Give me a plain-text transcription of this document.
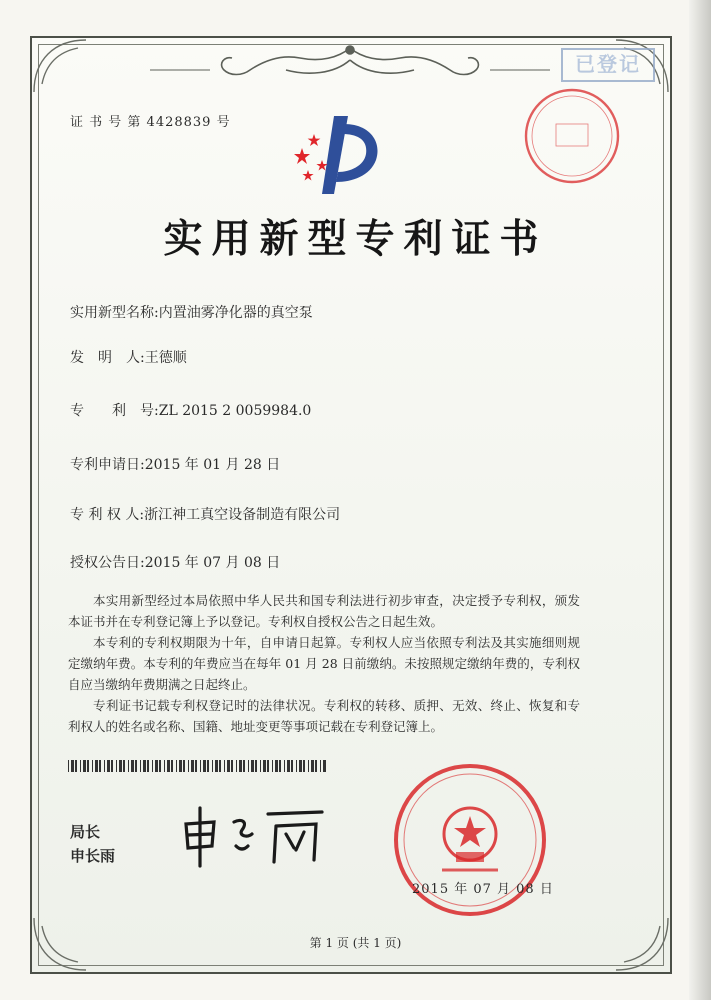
已登记
证 书 号 第 4428839 号
实用新型专利证书
实用新型名称:内置油雾净化器的真空泵
发　明　人:王德顺
专　　利　号:ZL 2015 2 0059984.0
专利申请日:2015 年 01 月 28 日
专 利 权 人:浙江神工真空设备制造有限公司
授权公告日:2015 年 07 月 08 日

本实用新型经过本局依照中华人民共和国专利法进行初步审查，决定授予专利权，颁发本证书并在专利登记簿上予以登记。专利权自授权公告之日起生效。

本专利的专利权期限为十年，自申请日起算。专利权人应当依照专利法及其实施细则规定缴纳年费。本专利的年费应当在每年 01 月 28 日前缴纳。未按照规定缴纳年费的，专利权自应当缴纳年费期满之日起终止。

专利证书记载专利权登记时的法律状况。专利权的转移、质押、无效、终止、恢复和专利权人的姓名或名称、国籍、地址变更等事项记载在专利登记簿上。

局长
申长雨
2015 年 07 月 08 日
第 1 页 (共 1 页)
